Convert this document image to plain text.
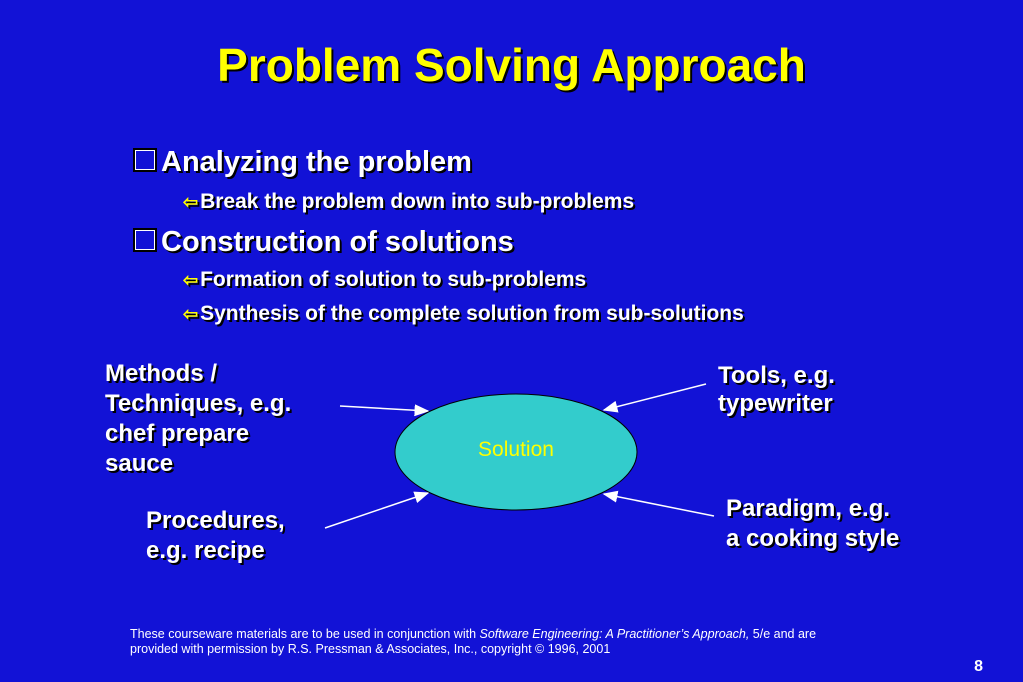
Problem Solving Approach
Analyzing the problem
⇦Break the problem down into sub-problems
Construction of solutions
⇦Formation of solution to sub-problems
⇦Synthesis of the complete solution from sub-solutions
Solution
Methods /
Techniques, e.g.
chef prepare
sauce
Tools, e.g.
typewriter
Procedures,
e.g. recipe
Paradigm, e.g.
a cooking style
These courseware materials are to be used in conjunction with Software Engineering: A Practitioner’s Approach, 5/e and are
provided with permission by R.S. Pressman & Associates, Inc., copyright © 1996, 2001
8
